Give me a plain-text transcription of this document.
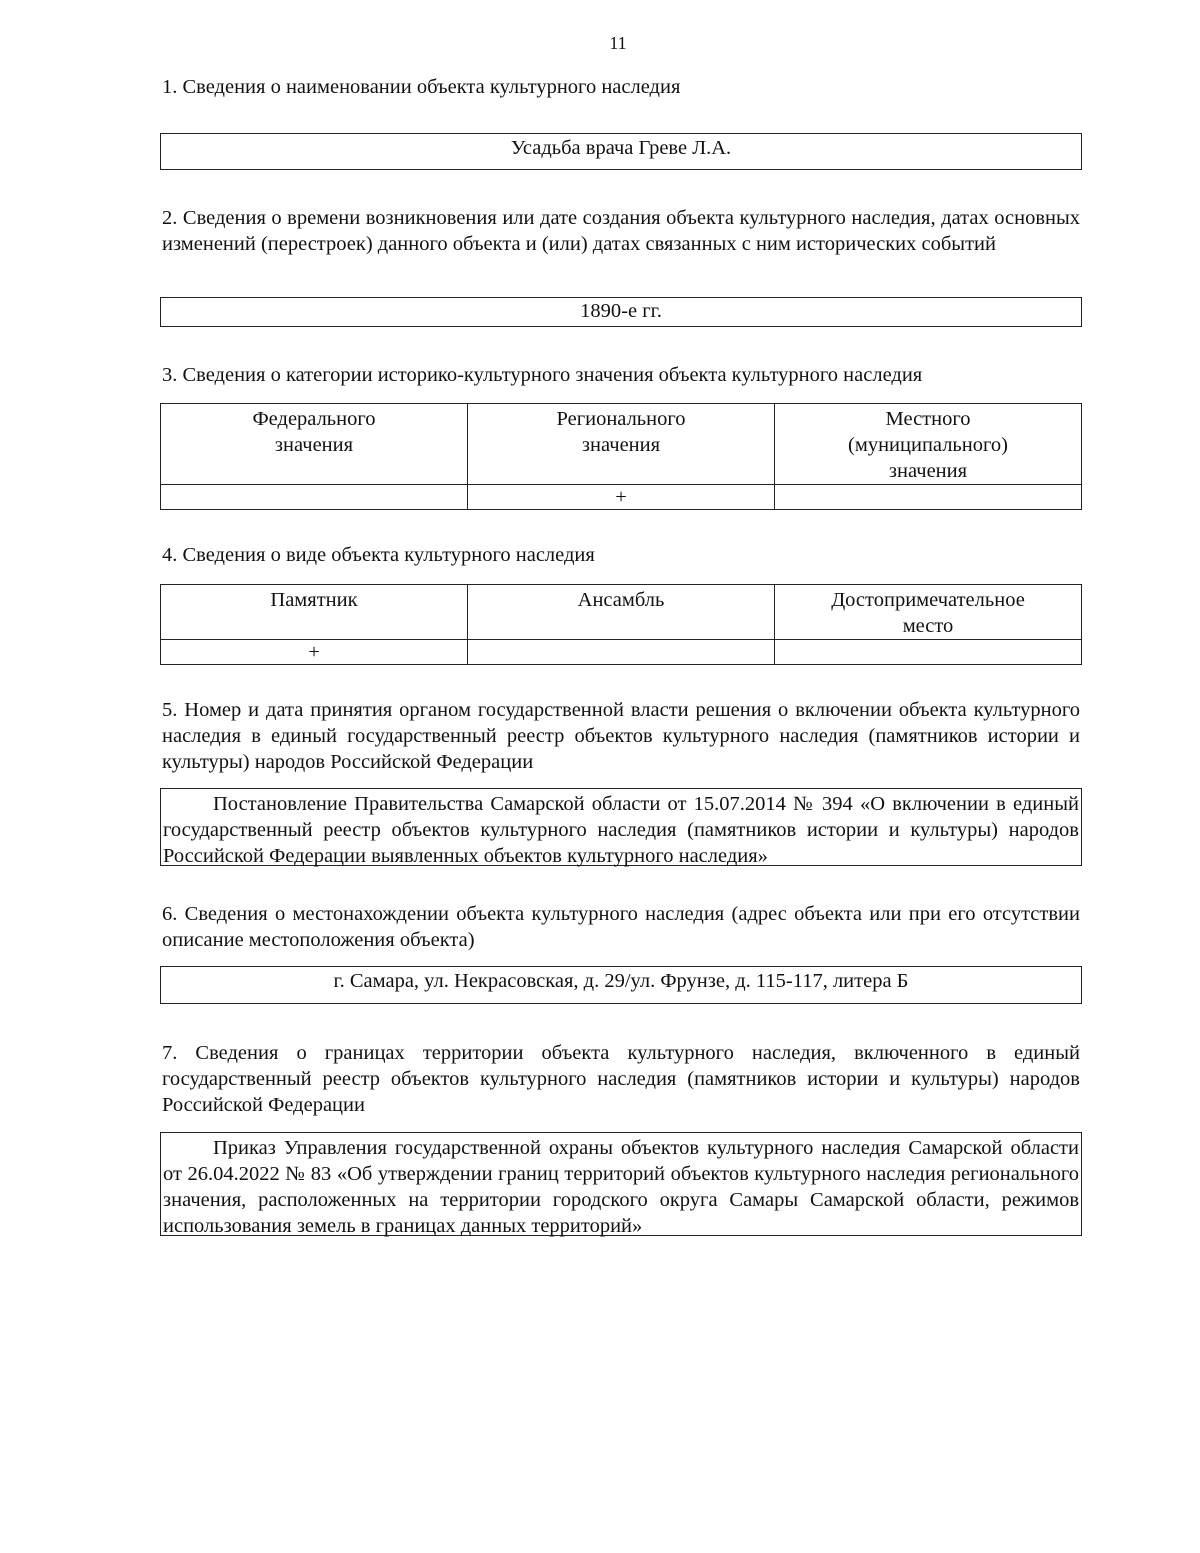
11
1. Сведения о наименовании объекта культурного наследия
Усадьба врача Греве Л.А.
2. Сведения о времени возникновения или дате создания объекта культурного наследия, датах основных изменений (перестроек) данного объекта и (или) датах связанных с ним исторических событий
1890-е гг.
3. Сведения о категории историко-культурного значения объекта культурного наследия
Федерального значения	Регионального значения	Местного (муниципального) значения

	+	
4. Сведения о виде объекта культурного наследия
Памятник	Ансамбль	Достопримечательное место

+		
5. Номер и дата принятия органом государственной власти решения о включении объекта культурного наследия в единый государственный реестр объектов культурного наследия (памятников истории и культуры) народов Российской Федерации
Постановление Правительства Самарской области от 15.07.2014 № 394 «О включении в единый государственный реестр объектов культурного наследия (памятников истории и культуры) народов Российской Федерации выявленных объектов культурного наследия»
6. Сведения о местонахождении объекта культурного наследия (адрес объекта или при его отсутствии описание местоположения объекта)
г. Самара, ул. Некрасовская, д. 29/ул. Фрунзе, д. 115-117, литера Б
7. Сведения о границах территории объекта культурного наследия, включенного в единый государственный реестр объектов культурного наследия (памятников истории и культуры) народов Российской Федерации
Приказ Управления государственной охраны объектов культурного наследия Самарской области от 26.04.2022 № 83 «Об утверждении границ территорий объектов культурного наследия регионального значения, расположенных на территории городского округа Самары Самарской области, режимов использования земель в границах данных территорий»
